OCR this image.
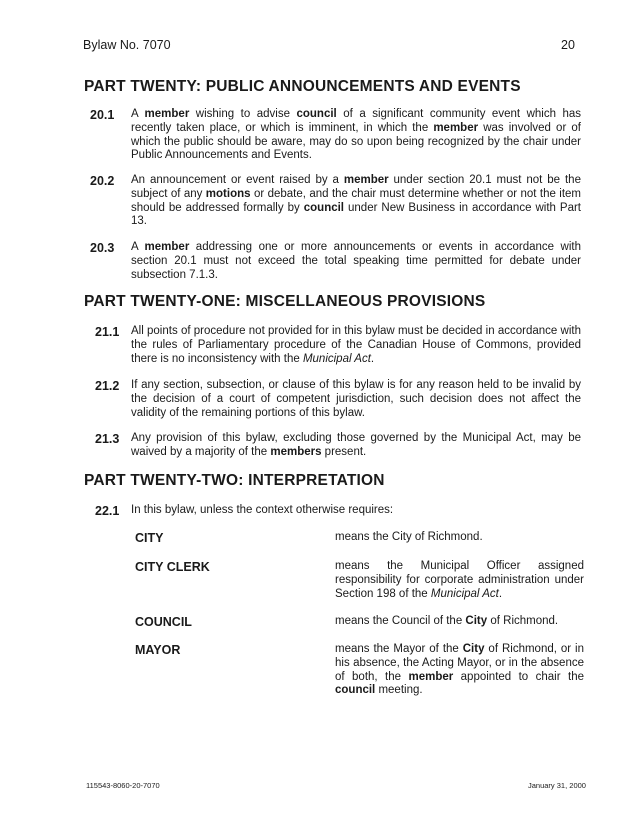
Bylaw No. 7070	20
PART TWENTY: PUBLIC ANNOUNCEMENTS AND EVENTS
20.1 A member wishing to advise council of a significant community event which has recently taken place, or which is imminent, in which the member was involved or of which the public should be aware, may do so upon being recognized by the chair under Public Announcements and Events.
20.2 An announcement or event raised by a member under section 20.1 must not be the subject of any motions or debate, and the chair must determine whether or not the item should be addressed formally by council under New Business in accordance with Part 13.
20.3 A member addressing one or more announcements or events in accordance with section 20.1 must not exceed the total speaking time permitted for debate under subsection 7.1.3.
PART TWENTY-ONE: MISCELLANEOUS PROVISIONS
21.1 All points of procedure not provided for in this bylaw must be decided in accordance with the rules of Parliamentary procedure of the Canadian House of Commons, provided there is no inconsistency with the Municipal Act.
21.2 If any section, subsection, or clause of this bylaw is for any reason held to be invalid by the decision of a court of competent jurisdiction, such decision does not affect the validity of the remaining portions of this bylaw.
21.3 Any provision of this bylaw, excluding those governed by the Municipal Act, may be waived by a majority of the members present.
PART TWENTY-TWO: INTERPRETATION
22.1 In this bylaw, unless the context otherwise requires:
CITY	means the City of Richmond.
CITY CLERK	means the Municipal Officer assigned responsibility for corporate administration under Section 198 of the Municipal Act.
COUNCIL	means the Council of the City of Richmond.
MAYOR	means the Mayor of the City of Richmond, or in his absence, the Acting Mayor, or in the absence of both, the member appointed to chair the council meeting.
115543-8060-20-7070	January 31, 2000
